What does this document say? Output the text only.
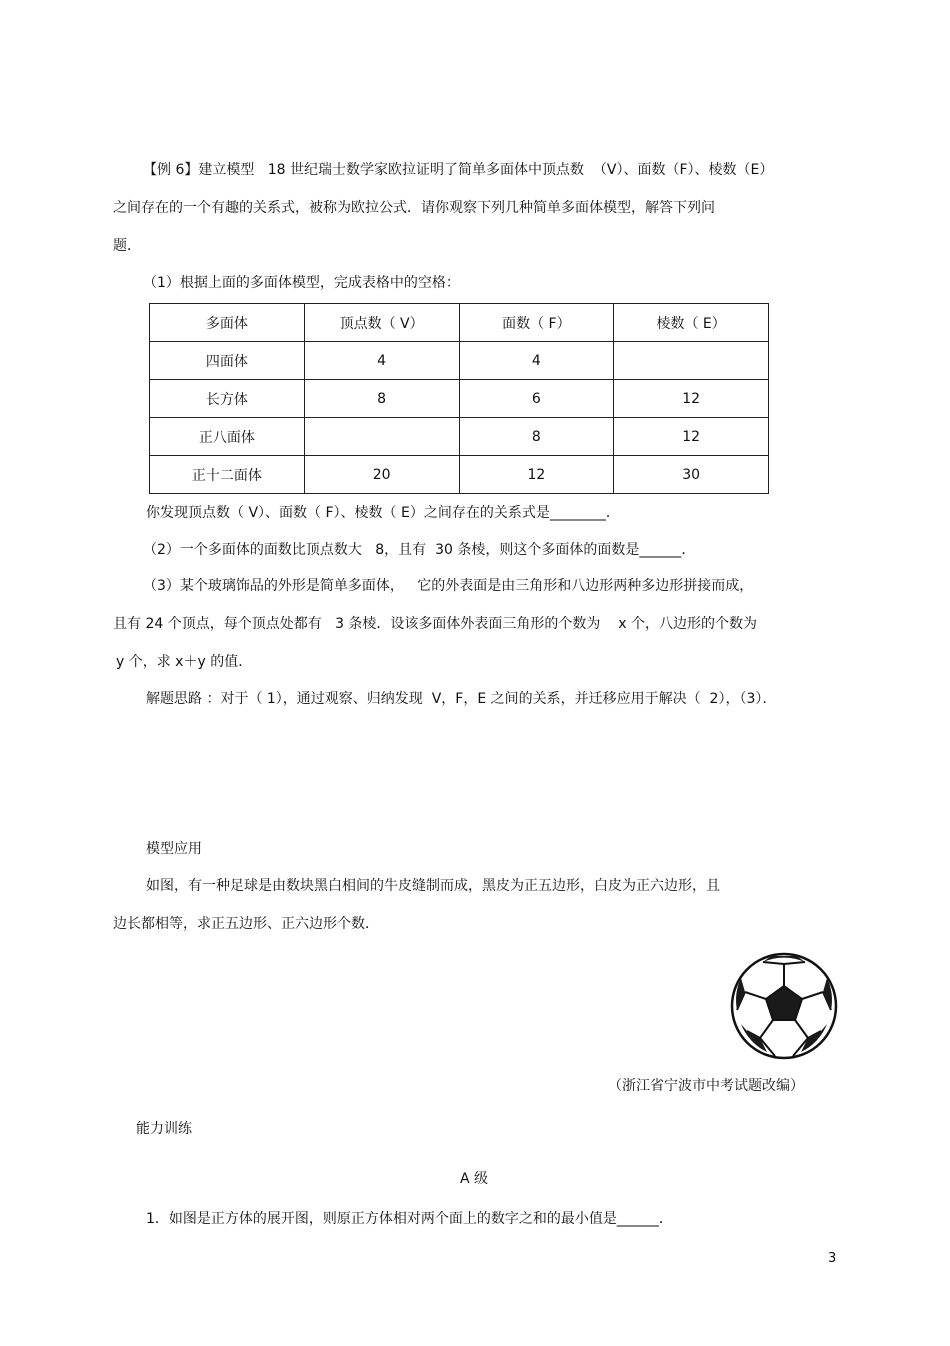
【例 6】建立模型   18 世纪瑞士数学家欧拉证明了简单多面体中顶点数  （V）、面数（F）、棱数（E）
之间存在的一个有趣的关系式，被称为欧拉公式．请你观察下列几种简单多面体模型，解答下列问
题．
（1）根据上面的多面体模型，完成表格中的空格：
多面体	顶点数（ V）	面数（ F）	棱数（ E）
四面体	4	4	
长方体	8	6	12
正八面体		8	12
正十二面体	20	12	30
你发现顶点数（ V）、面数（ F）、棱数（ E）之间存在的关系式是________．
（2）一个多面体的面数比顶点数大   8，且有  30 条棱，则这个多面体的面数是______．
（3）某个玻璃饰品的外形是简单多面体，   它的外表面是由三角形和八边形两种多边形拼接而成，
且有 24 个顶点，每个顶点处都有   3 条棱．设该多面体外表面三角形的个数为    x 个，八边形的个数为
y 个，求 x＋y 的值．
解题思路 ：对于（ 1），通过观察、归纳发现  V，F，E 之间的关系，并迁移应用于解决（  2），（3）．
模型应用
如图，有一种足球是由数块黑白相间的牛皮缝制而成，黑皮为正五边形，白皮为正六边形，且
边长都相等，求正五边形、正六边形个数．
（浙江省宁波市中考试题改编）
能力训练
A 级
1．如图是正方体的展开图，则原正方体相对两个面上的数字之和的最小值是______．
3
